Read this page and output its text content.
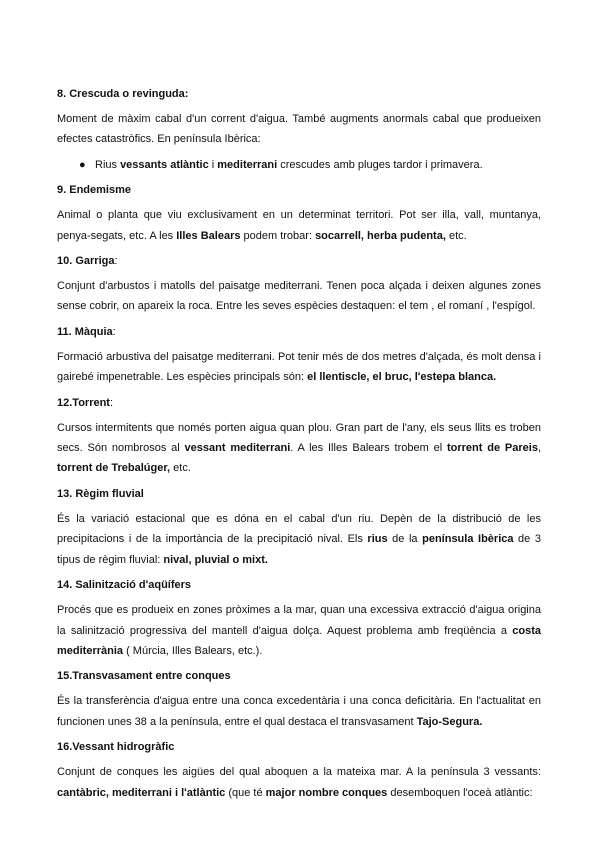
8. Crescuda o revinguda:

Moment de màxim cabal d'un corrent d'aigua. També augments anormals cabal que produeixen efectes catastròfics. En península Ibèrica:

● Rius vessants atlàntic i mediterrani crescudes amb pluges tardor i primavera.

9. Endemisme

Animal o planta que viu exclusivament en un determinat territori. Pot ser illa, vall, muntanya, penya-segats, etc. A les Illes Balears podem trobar: socarrell, herba pudenta, etc.

10. Garriga:

Conjunt d'arbustos i matolls del paisatge mediterrani. Tenen poca alçada i deixen algunes zones sense cobrir, on apareix la roca. Entre les seves espècies destaquen: el tem , el romaní , l'espígol.

11. Màquia:

Formació arbustiva del paisatge mediterrani. Pot tenir més de dos metres d'alçada, és molt densa i gairebé impenetrable. Les espècies principals són: el llentiscle, el bruc, l'estepa blanca.

12.Torrent:

Cursos intermitents que només porten aigua quan plou. Gran part de l'any, els seus llits es troben secs. Són nombrosos al vessant mediterrani. A les Illes Balears trobem el torrent de Pareis, torrent de Trebalúger, etc.

13. Règim fluvial

És la variació estacional que es dóna en el cabal d'un riu. Depèn de la distribució de les precipitacions i de la importància de la precipitació nival. Els rius de la península Ibèrica de 3 tipus de règim fluvial: nival, pluvial o mixt.

14. Salinització d'aqüífers

Procés que es produeix en zones pròximes a la mar, quan una excessiva extracció d'aigua origina la salinització progressiva del mantell d'aigua dolça. Aquest problema amb freqüència a costa mediterrània ( Múrcia, Illes Balears, etc.).

15.Transvasament entre conques

És la transferència d'aigua entre una conca excedentària i una conca deficitària. En l'actualitat en funcionen unes 38 a la península, entre el qual destaca el transvasament Tajo-Segura.

16.Vessant hidrogràfic

Conjunt de conques les aigües del qual aboquen a la mateixa mar. A la península 3 vessants: cantàbric, mediterrani i l'atlàntic (que té major nombre conques desemboquen l'oceà atlàntic:
